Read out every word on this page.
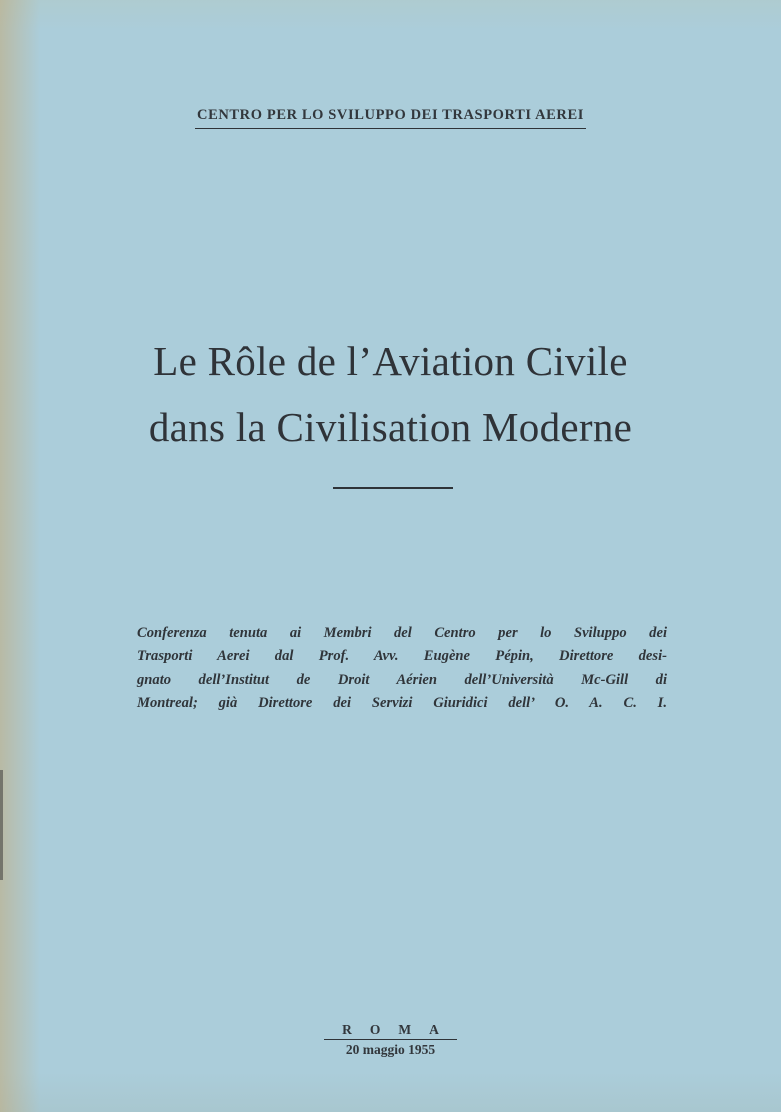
CENTRO PER LO SVILUPPO DEI TRASPORTI AEREI
Le Rôle de l’Aviation Civile
dans la Civilisation Moderne
Conferenza tenuta ai Membri del Centro per lo Sviluppo dei
Trasporti Aerei dal Prof. Avv. Eugène Pépin, Direttore desi-
gnato dell’Institut de Droit Aérien dell’Università Mc-Gill di
Montreal; già Direttore dei Servizi Giuridici dell’ O. A. C. I.
ROMA
20 maggio 1955
